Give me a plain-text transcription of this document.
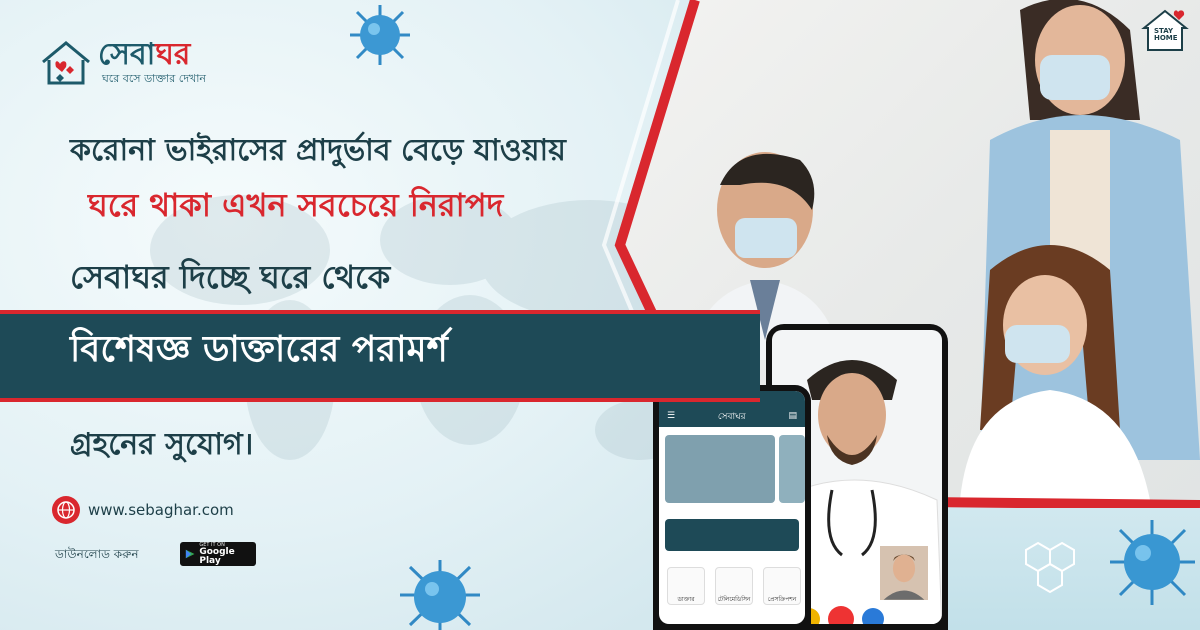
STAY
HOME
☰	সেবাঘর	▤
ডাক্তার	টেলিমেডিসিন	প্রেসক্রিপশন
সেবাঘর
ঘরে বসে ডাক্তার দেখান
করোনা ভাইরাসের প্রাদুর্ভাব বেড়ে যাওয়ায়
ঘরে থাকা এখন সবচেয়ে নিরাপদ
সেবাঘর দিচ্ছে ঘরে থেকে
বিশেষজ্ঞ ডাক্তারের পরামর্শ
গ্রহনের সুযোগ।
www.sebaghar.com
ডাউনলোড করুন
GET IT ON
Google Play
